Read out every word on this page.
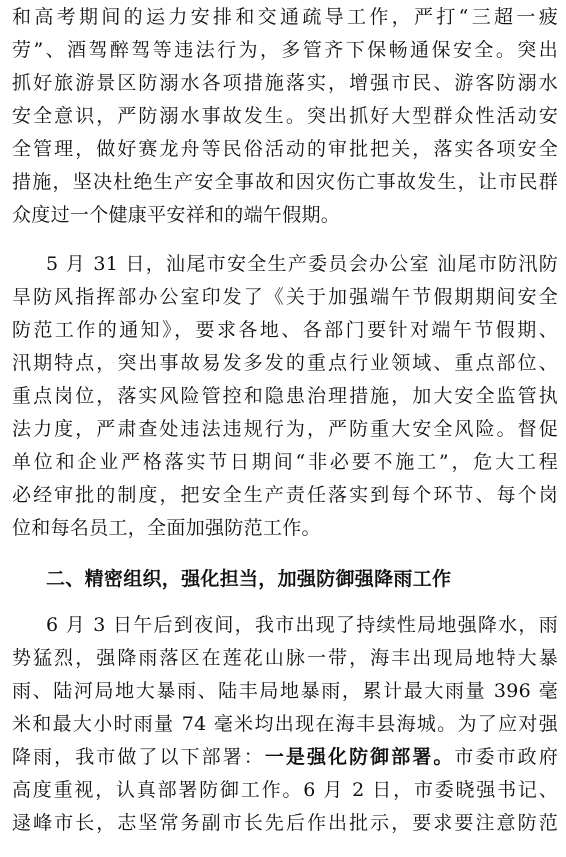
和高考期间的运力安排和交通疏导工作，严打“三超一疲
劳”、酒驾醉驾等违法行为，多管齐下保畅通保安全。突出
抓好旅游景区防溺水各项措施落实，增强市民、游客防溺水
安全意识，严防溺水事故发生。突出抓好大型群众性活动安
全管理，做好赛龙舟等民俗活动的审批把关，落实各项安全
措施，坚决杜绝生产安全事故和因灾伤亡事故发生，让市民群
众度过一个健康平安祥和的端午假期。
5 月 31 日，汕尾市安全生产委员会办公室 汕尾市防汛防
旱防风指挥部办公室印发了《关于加强端午节假期期间安全
防范工作的通知》，要求各地、各部门要针对端午节假期、
汛期特点，突出事故易发多发的重点行业领域、重点部位、
重点岗位，落实风险管控和隐患治理措施，加大安全监管执
法力度，严肃查处违法违规行为，严防重大安全风险。督促
单位和企业严格落实节日期间“非必要不施工”，危大工程
必经审批的制度，把安全生产责任落实到每个环节、每个岗
位和每名员工，全面加强防范工作。
二、精密组织，强化担当，加强防御强降雨工作
6 月 3 日午后到夜间，我市出现了持续性局地强降水，雨
势猛烈，强降雨落区在莲花山脉一带，海丰出现局地特大暴
雨、陆河局地大暴雨、陆丰局地暴雨，累计最大雨量 396 毫
米和最大小时雨量 74 毫米均出现在海丰县海城。为了应对强
降雨，我市做了以下部署：一是强化防御部署。市委市政府
高度重视，认真部署防御工作。6 月 2 日，市委晓强书记、
逯峰市长，志坚常务副市长先后作出批示，要求要注意防范
